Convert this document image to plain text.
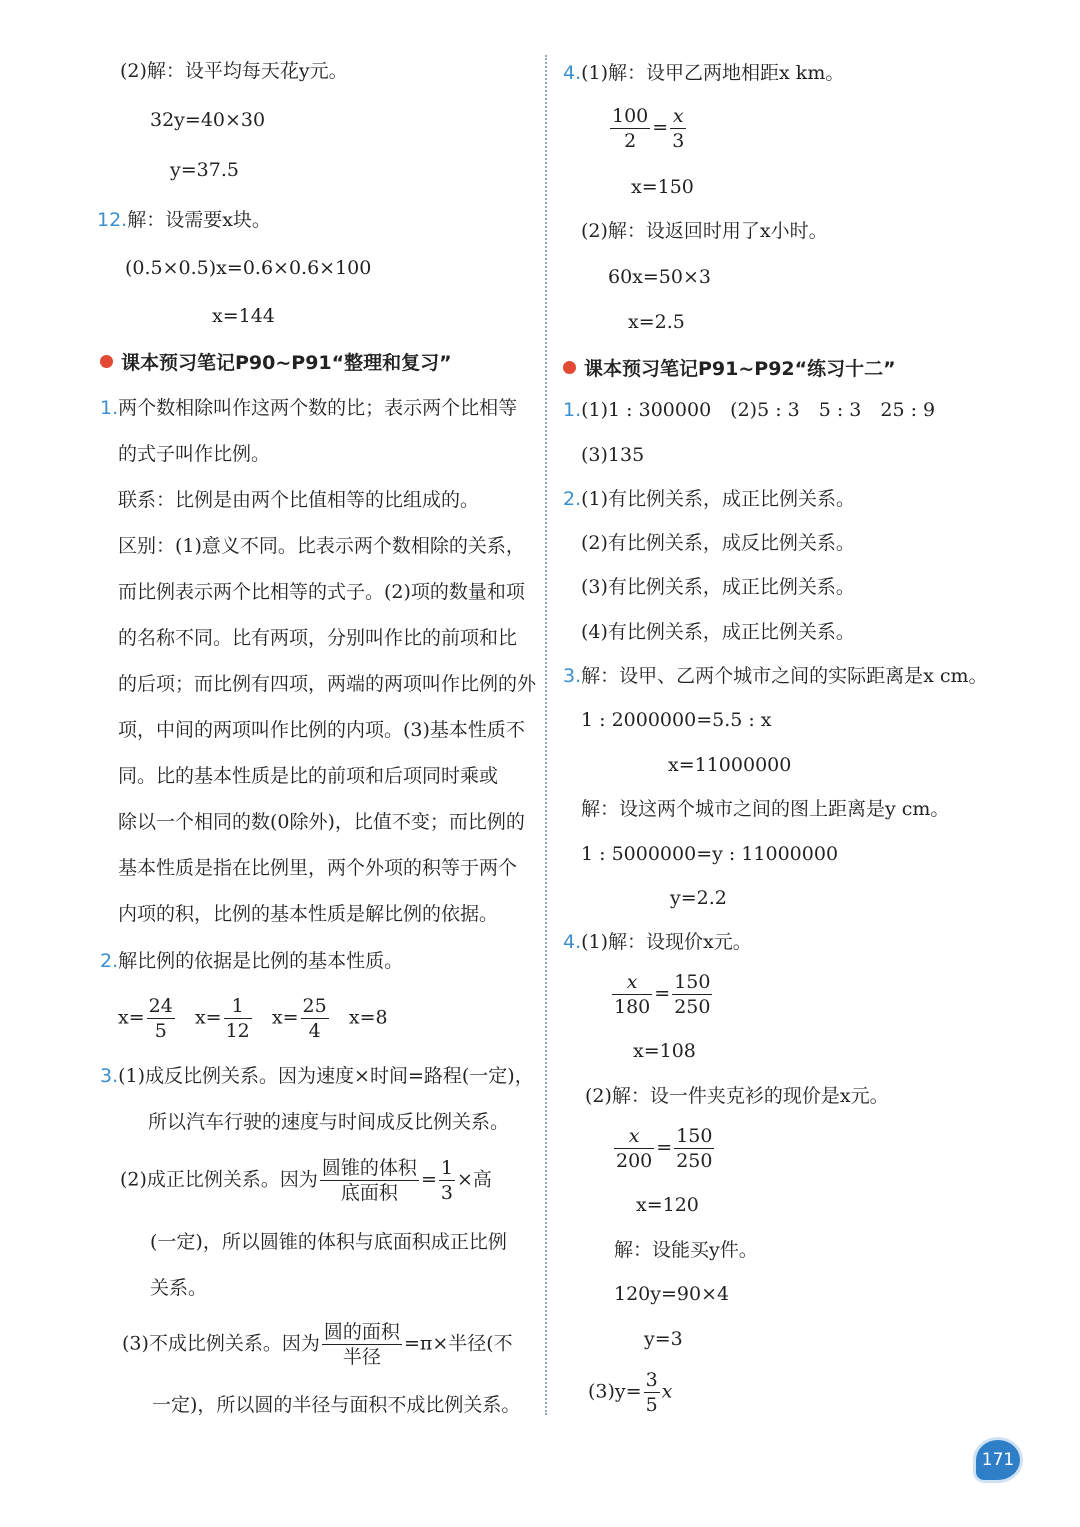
(2)解：设平均每天花y元。
32y=40×30
y=37.5
12.解：设需要x块。
(0.5×0.5)x=0.6×0.6×100
x=144
课本预习笔记P90~P91“整理和复习”
1.两个数相除叫作这两个数的比；表示两个比相等
的式子叫作比例。
联系：比例是由两个比值相等的比组成的。
区别：(1)意义不同。比表示两个数相除的关系，
而比例表示两个比相等的式子。(2)项的数量和项
的名称不同。比有两项，分别叫作比的前项和比
的后项；而比例有四项，两端的两项叫作比例的外
项，中间的两项叫作比例的内项。(3)基本性质不
同。比的基本性质是比的前项和后项同时乘或
除以一个相同的数(0除外)，比值不变；而比例的
基本性质是指在比例里，两个外项的积等于两个
内项的积，比例的基本性质是解比例的依据。
2.解比例的依据是比例的基本性质。
$x= \frac{24}{5} x= \frac{1}{12} x= \frac{25}{4} x=8$
3.(1)成反比例关系。因为速度×时间=路程(一定)，
所以汽车行驶的速度与时间成反比例关系。
(2)成正比例关系。因为 $\frac{\text{圆锥的体积}}{\text{底面积}} = \frac{1}{3}$ ×高
(一定)，所以圆锥的体积与底面积成正比例
关系。
(3)不成比例关系。因为 $\frac{\text{圆的面积}}{\text{半径}} =\pi\times$半径(不
一定)，所以圆的半径与面积不成比例关系。
4.(1)解：设甲乙两地相距x km。
$\frac{100}{2} = \frac{x}{3}$
x=150
(2)解：设返回时用了x小时。
60x=50×3
x=2.5
课本预习笔记P91~P92“练习十二”
1.(1)1 : 300000　(2)5 : 3　5 : 3　25 : 9
(3)135
2.(1)有比例关系，成正比例关系。
(2)有比例关系，成反比例关系。
(3)有比例关系，成正比例关系。
(4)有比例关系，成正比例关系。
3.解：设甲、乙两个城市之间的实际距离是x cm。
1 : 2000000=5.5 : x
x=11000000
解：设这两个城市之间的图上距离是y cm。
1 : 5000000=y : 11000000
y=2.2
4.(1)解：设现价x元。
$\frac{x}{180} = \frac{150}{250}$
x=108
(2)解：设一件夹克衫的现价是x元。
$\frac{x}{200} = \frac{150}{250}$
x=120
解：设能买y件。
120y=90×4
y=3
$(3)y= \frac{3}{5}$ x
171
